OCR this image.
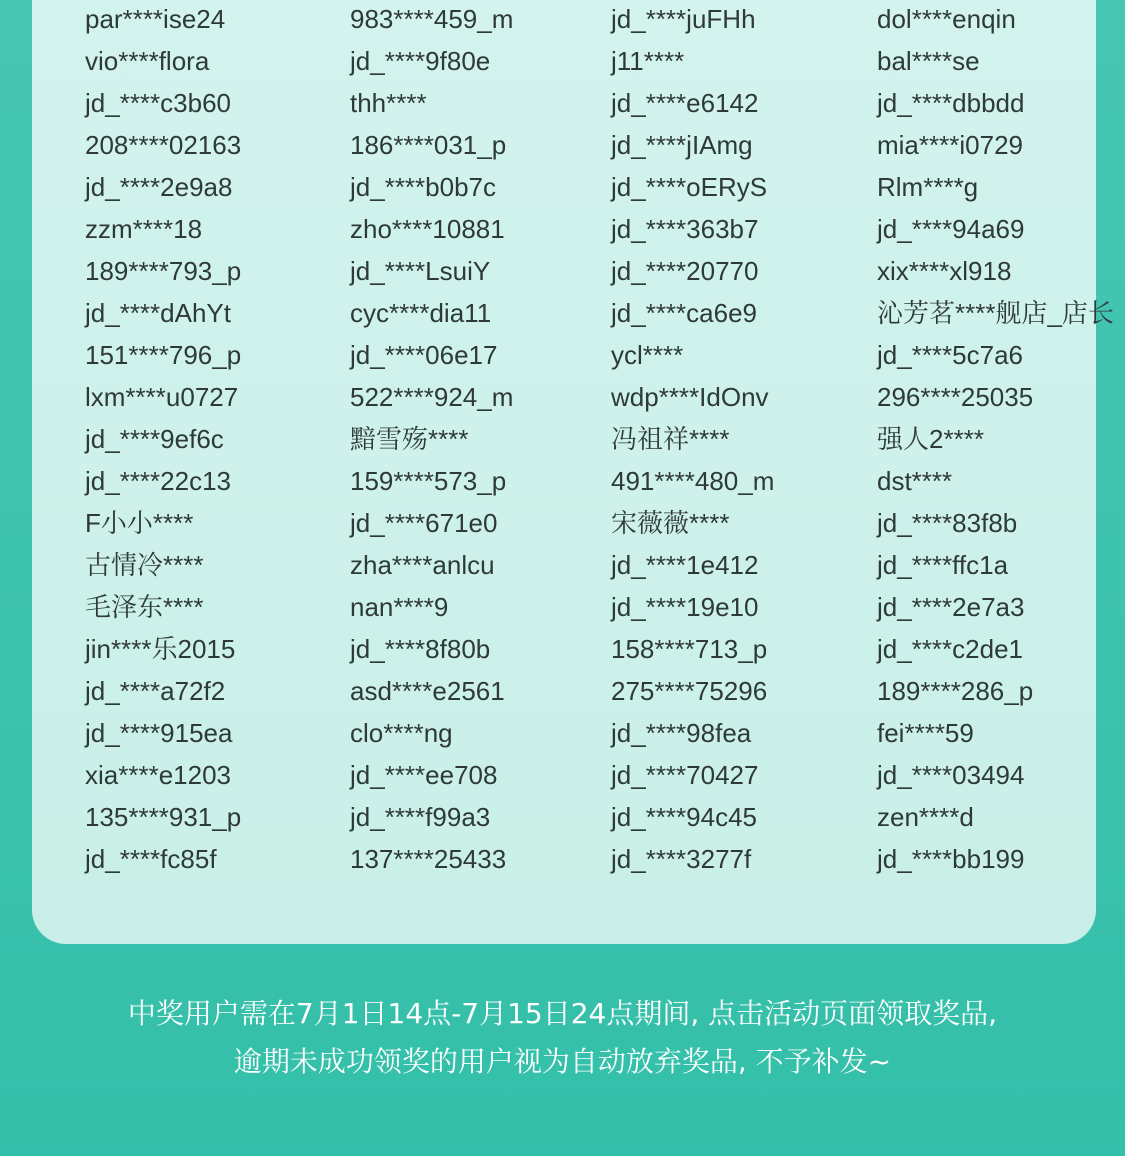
par****ise24	983****459_m	jd_****juFHh	dol****enqin
vio****flora	jd_****9f80e	j11****	bal****se
jd_****c3b60	thh****	jd_****e6142	jd_****dbbdd
208****02163	186****031_p	jd_****jIAmg	mia****i0729
jd_****2e9a8	jd_****b0b7c	jd_****oERyS	Rlm****g
zzm****18	zho****10881	jd_****363b7	jd_****94a69
189****793_p	jd_****LsuiY	jd_****20770	xix****xl918
jd_****dAhYt	cyc****dia11	jd_****ca6e9	沁芳茗****舰店_店长
151****796_p	jd_****06e17	ycl****	jd_****5c7a6
lxm****u0727	522****924_m	wdp****IdOnv	296****25035
jd_****9ef6c	黯雪殇****	冯祖祥****	强人2****
jd_****22c13	159****573_p	491****480_m	dst****
F小小****	jd_****671e0	宋薇薇****	jd_****83f8b
古情冷****	zha****anlcu	jd_****1e412	jd_****ffc1a
毛泽东****	nan****9	jd_****19e10	jd_****2e7a3
jin****乐2015	jd_****8f80b	158****713_p	jd_****c2de1
jd_****a72f2	asd****e2561	275****75296	189****286_p
jd_****915ea	clo****ng	jd_****98fea	fei****59
xia****e1203	jd_****ee708	jd_****70427	jd_****03494
135****931_p	jd_****f99a3	jd_****94c45	zen****d
jd_****fc85f	137****25433	jd_****3277f	jd_****bb199
中奖用户需在7月1日14点-7月15日24点期间, 点击活动页面领取奖品,
逾期未成功领奖的用户视为自动放弃奖品, 不予补发~
